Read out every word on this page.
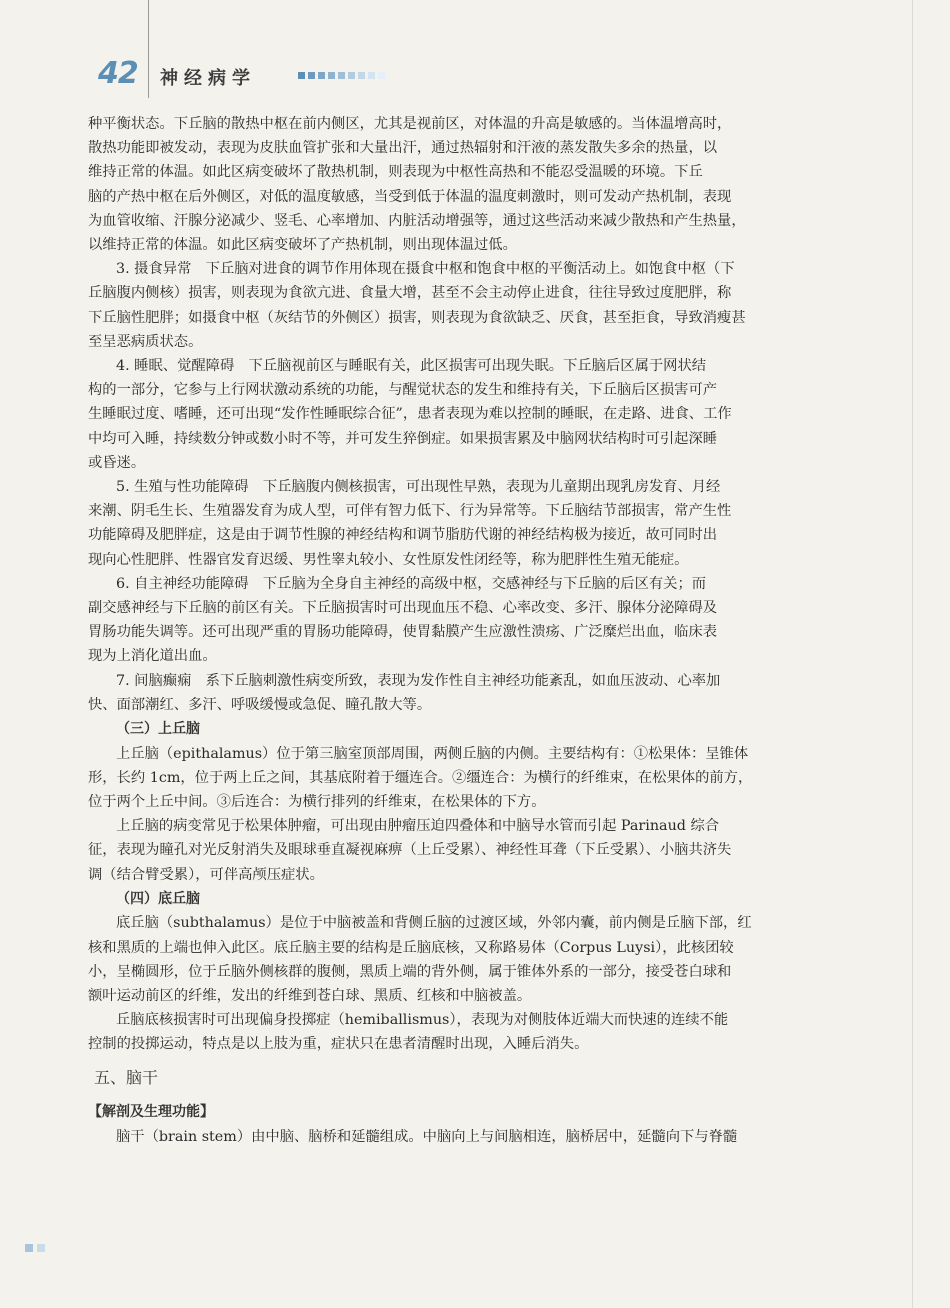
42 神经病学
种平衡状态。下丘脑的散热中枢在前内侧区，尤其是视前区，对体温的升高是敏感的。当体温增高时，
散热功能即被发动，表现为皮肤血管扩张和大量出汗，通过热辐射和汗液的蒸发散失多余的热量，以
维持正常的体温。如此区病变破坏了散热机制，则表现为中枢性高热和不能忍受温暖的环境。下丘
脑的产热中枢在后外侧区，对低的温度敏感，当受到低于体温的温度刺激时，则可发动产热机制，表现
为血管收缩、汗腺分泌减少、竖毛、心率增加、内脏活动增强等，通过这些活动来减少散热和产生热量，
以维持正常的体温。如此区病变破坏了产热机制，则出现体温过低。
3. 摄食异常　下丘脑对进食的调节作用体现在摄食中枢和饱食中枢的平衡活动上。如饱食中枢（下
丘脑腹内侧核）损害，则表现为食欲亢进、食量大增，甚至不会主动停止进食，往往导致过度肥胖，称
下丘脑性肥胖；如摄食中枢（灰结节的外侧区）损害，则表现为食欲缺乏、厌食，甚至拒食，导致消瘦甚
至呈恶病质状态。
4. 睡眠、觉醒障碍　下丘脑视前区与睡眠有关，此区损害可出现失眠。下丘脑后区属于网状结
构的一部分，它参与上行网状激动系统的功能，与醒觉状态的发生和维持有关，下丘脑后区损害可产
生睡眠过度、嗜睡，还可出现“发作性睡眠综合征”，患者表现为难以控制的睡眠，在走路、进食、工作
中均可入睡，持续数分钟或数小时不等，并可发生猝倒症。如果损害累及中脑网状结构时可引起深睡
或昏迷。
5. 生殖与性功能障碍　下丘脑腹内侧核损害，可出现性早熟，表现为儿童期出现乳房发育、月经
来潮、阴毛生长、生殖器发育为成人型，可伴有智力低下、行为异常等。下丘脑结节部损害，常产生性
功能障碍及肥胖症，这是由于调节性腺的神经结构和调节脂肪代谢的神经结构极为接近，故可同时出
现向心性肥胖、性器官发育迟缓、男性睾丸较小、女性原发性闭经等，称为肥胖性生殖无能症。
6. 自主神经功能障碍　下丘脑为全身自主神经的高级中枢，交感神经与下丘脑的后区有关；而
副交感神经与下丘脑的前区有关。下丘脑损害时可出现血压不稳、心率改变、多汗、腺体分泌障碍及
胃肠功能失调等。还可出现严重的胃肠功能障碍，使胃黏膜产生应激性溃疡、广泛糜烂出血，临床表
现为上消化道出血。
7. 间脑癫痫　系下丘脑刺激性病变所致，表现为发作性自主神经功能紊乱，如血压波动、心率加
快、面部潮红、多汗、呼吸缓慢或急促、瞳孔散大等。
（三）上丘脑
上丘脑（epithalamus）位于第三脑室顶部周围，两侧丘脑的内侧。主要结构有：①松果体：呈锥体
形，长约 1cm，位于两上丘之间，其基底附着于缰连合。②缰连合：为横行的纤维束，在松果体的前方，
位于两个上丘中间。③后连合：为横行排列的纤维束，在松果体的下方。
上丘脑的病变常见于松果体肿瘤，可出现由肿瘤压迫四叠体和中脑导水管而引起 Parinaud 综合
征，表现为瞳孔对光反射消失及眼球垂直凝视麻痹（上丘受累）、神经性耳聋（下丘受累）、小脑共济失
调（结合臂受累），可伴高颅压症状。
（四）底丘脑
底丘脑（subthalamus）是位于中脑被盖和背侧丘脑的过渡区域，外邻内囊，前内侧是丘脑下部，红
核和黑质的上端也伸入此区。底丘脑主要的结构是丘脑底核，又称路易体（Corpus Luysi），此核团较
小，呈椭圆形，位于丘脑外侧核群的腹侧，黑质上端的背外侧，属于锥体外系的一部分，接受苍白球和
额叶运动前区的纤维，发出的纤维到苍白球、黑质、红核和中脑被盖。
丘脑底核损害时可出现偏身投掷症（hemiballismus），表现为对侧肢体近端大而快速的连续不能
控制的投掷运动，特点是以上肢为重，症状只在患者清醒时出现，入睡后消失。
五、脑干
【解剖及生理功能】
脑干（brain stem）由中脑、脑桥和延髓组成。中脑向上与间脑相连，脑桥居中，延髓向下与脊髓
